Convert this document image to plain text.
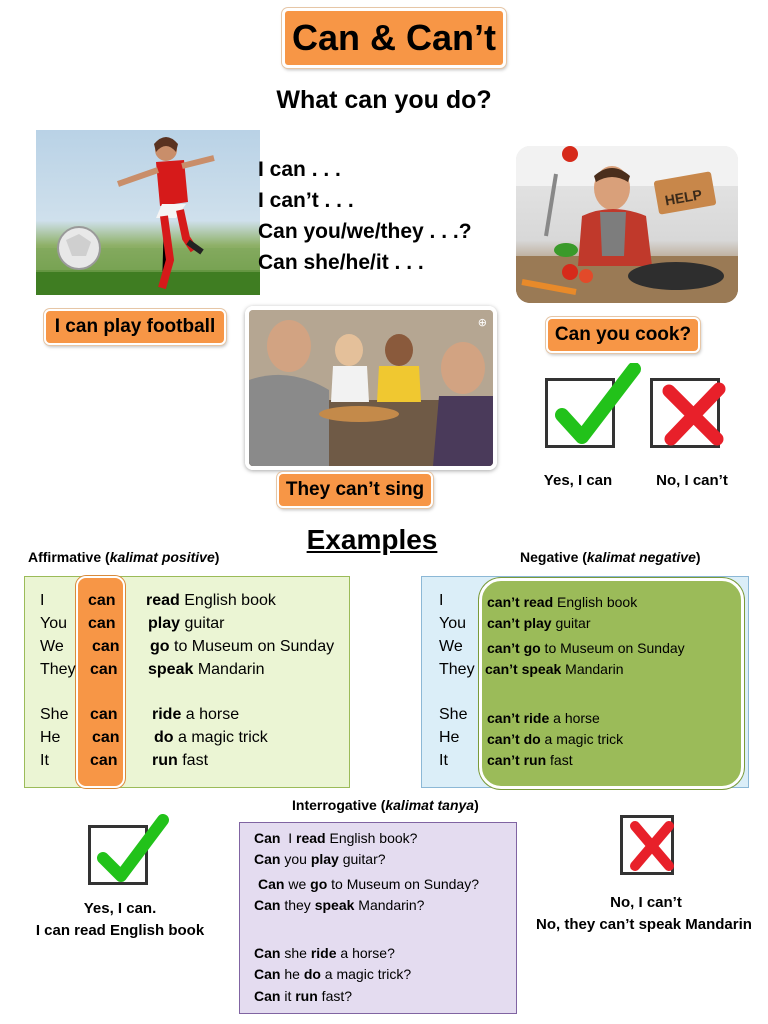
Can & Can’t
What can you do?
I can . . .
I can’t . . .
Can you/we/they . . .?
Can she/he/it . . .
HELP
⊕
I can play football	Can you cook?
They can’t sing	Yes, I can	No, I can’t
Examples
Affirmative (kalimat positive)	Negative (kalimat negative)
I	can read English book
You can play guitar
We can go to Museum on Sunday
They can speak Mandarin
She can ride a horse
He can do a magic trick
It	can run fast
I	can’t read English book
You can’t play guitar
We can’t go to Museum on Sunday
They can’t speak Mandarin
She can’t ride a horse
He can’t do a magic trick
It	can’t run fast
Interrogative (kalimat tanya)
Can  I read English book?
Can you play guitar?
Can we go to Museum on Sunday?
Can they speak Mandarin?
Can she ride a horse?
Can he do a magic trick?
Can it run fast?
Yes, I can.
I can read English book
No, I can’t
No, they can’t speak Mandarin
